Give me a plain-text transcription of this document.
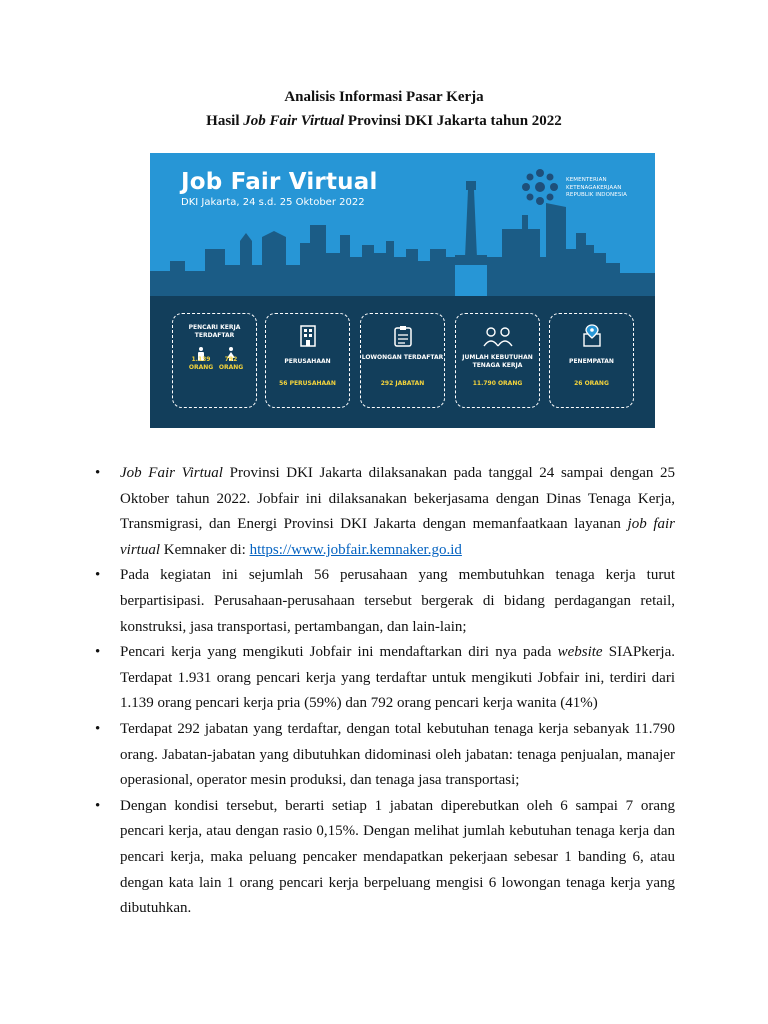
Analisis Informasi Pasar Kerja
Hasil Job Fair Virtual Provinsi DKI Jakarta tahun 2022
Job Fair Virtual
DKI Jakarta, 24 s.d. 25 Oktober 2022
KEMENTERIAN
KETENAGAKERJAAN
REPUBLIK INDONESIA
PENCARI KERJA TERDAFTAR
1.139
ORANG
792
ORANG
PERUSAHAAN
56 PERUSAHAAN
LOWONGAN TERDAFTAR
292 JABATAN
JUMLAH KEBUTUHAN TENAGA KERJA
11.790 ORANG
PENEMPATAN
26 ORANG
• Job Fair Virtual Provinsi DKI Jakarta dilaksanakan pada tanggal 24 sampai dengan 25 Oktober tahun 2022. Jobfair ini dilaksanakan bekerjasama dengan Dinas Tenaga Kerja, Transmigrasi, dan Energi Provinsi DKI Jakarta dengan memanfaatkaan layanan job fair virtual Kemnaker di: https://www.jobfair.kemnaker.go.id
• Pada kegiatan ini sejumlah 56 perusahaan yang membutuhkan tenaga kerja turut berpartisipasi. Perusahaan-perusahaan tersebut bergerak di bidang perdagangan retail, konstruksi, jasa transportasi, pertambangan, dan lain-lain;
• Pencari kerja yang mengikuti Jobfair ini mendaftarkan diri nya pada website SIAPkerja. Terdapat 1.931 orang pencari kerja yang terdaftar untuk mengikuti Jobfair ini, terdiri dari 1.139 orang pencari kerja pria (59%) dan 792 orang pencari kerja wanita (41%)
• Terdapat 292 jabatan yang terdaftar, dengan total kebutuhan tenaga kerja sebanyak 11.790 orang. Jabatan-jabatan yang dibutuhkan didominasi oleh jabatan: tenaga penjualan, manajer operasional, operator mesin produksi, dan tenaga jasa transportasi;
• Dengan kondisi tersebut, berarti setiap 1 jabatan diperebutkan oleh 6 sampai 7 orang pencari kerja, atau dengan rasio 0,15%. Dengan melihat jumlah kebutuhan tenaga kerja dan pencari kerja, maka peluang pencaker mendapatkan pekerjaan sebesar 1 banding 6, atau dengan kata lain 1 orang pencari kerja berpeluang mengisi 6 lowongan tenaga kerja yang dibutuhkan.
